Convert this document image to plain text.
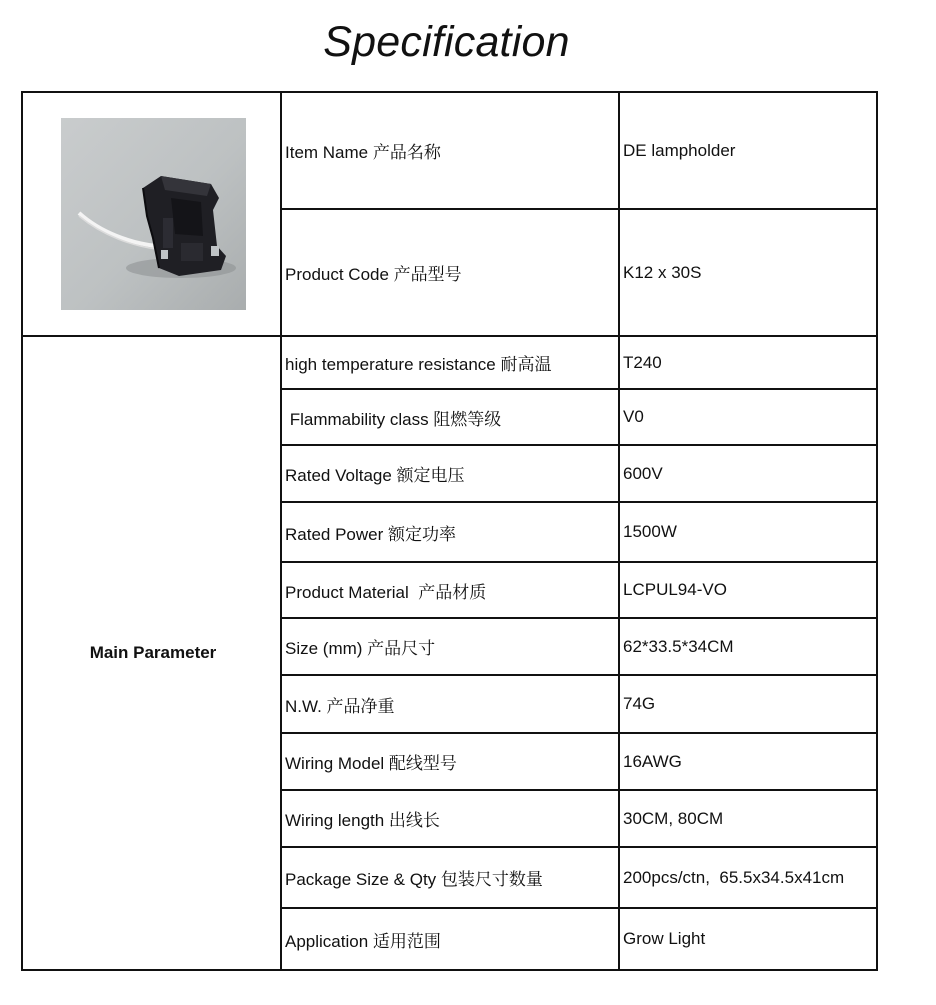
Specification
	Item Name 产品名称	DE lampholder
	Product Code 产品型号	K12 x 30S
Main Parameter	high temperature resistance 耐高温	T240
	Flammability class 阻燃等级	V0
	Rated Voltage 额定电压	600V
	Rated Power 额定功率	1500W
	Product Material  产品材质	LCPUL94-VO
	Size (mm) 产品尺寸	62*33.5*34CM
	N.W. 产品净重	74G
	Wiring Model 配线型号	16AWG
	Wiring length 出线长	30CM, 80CM
	Package Size & Qty 包装尺寸数量	200pcs/ctn,  65.5x34.5x41cm
	Application 适用范围	Grow Light
